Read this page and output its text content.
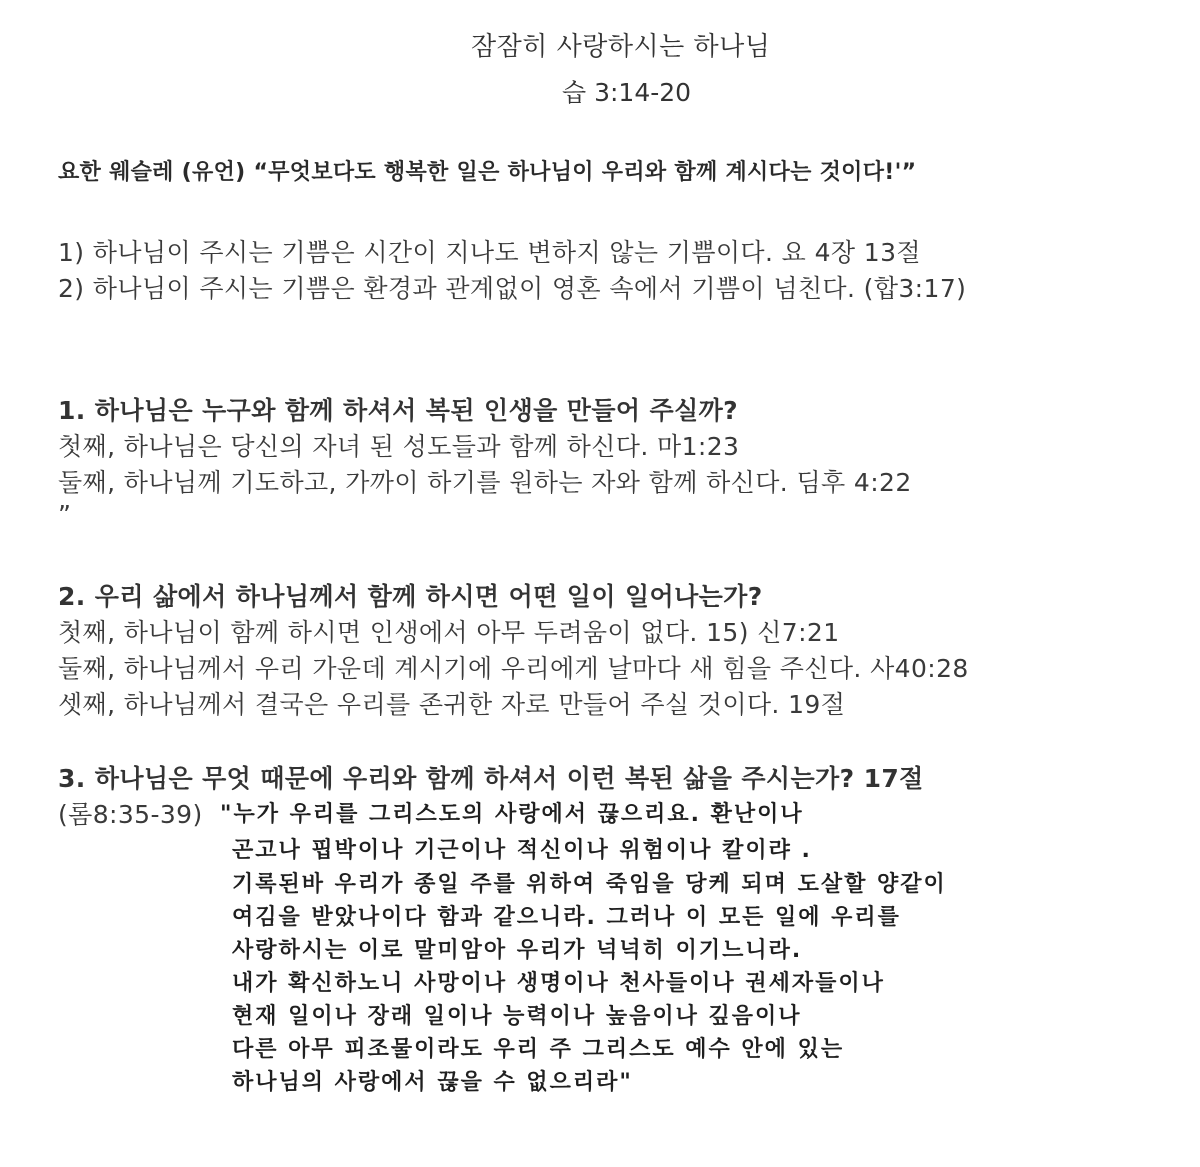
잠잠히 사랑하시는 하나님
습 3:14-20
요한 웨슬레 (유언) “무엇보다도 행복한 일은 하나님이 우리와 함께 계시다는 것이다!'”
1) 하나님이 주시는 기쁨은 시간이 지나도 변하지 않는 기쁨이다. 요 4장 13절
2) 하나님이 주시는 기쁨은 환경과 관계없이 영혼 속에서 기쁨이 넘친다. (합3:17)
1. 하나님은 누구와 함께 하셔서 복된 인생을 만들어 주실까?
첫째, 하나님은 당신의 자녀 된 성도들과 함께 하신다. 마1:23
둘째, 하나님께 기도하고, 가까이 하기를 원하는 자와 함께 하신다. 딤후 4:22
”
2. 우리 삶에서 하나님께서 함께 하시면 어떤 일이 일어나는가?
첫째, 하나님이 함께 하시면 인생에서 아무 두려움이 없다. 15) 신7:21
둘째, 하나님께서 우리 가운데 계시기에 우리에게 날마다 새 힘을 주신다. 사40:28
셋째, 하나님께서 결국은 우리를 존귀한 자로 만들어 주실 것이다. 19절
3. 하나님은 무엇 때문에 우리와 함께 하셔서 이런 복된 삶을 주시는가? 17절
(롬8:35-39) "누가 우리를 그리스도의 사랑에서 끊으리요. 환난이나
곤고나 핍박이나 기근이나 적신이나 위험이나 칼이랴 .
기록된바 우리가 종일 주를 위하여 죽임을 당케 되며 도살할 양같이
여김을 받았나이다 함과 같으니라. 그러나 이 모든 일에 우리를
사랑하시는 이로 말미암아 우리가 넉넉히 이기느니라.
내가 확신하노니 사망이나 생명이나 천사들이나 권세자들이나
현재 일이나 장래 일이나 능력이나 높음이나 깊음이나
다른 아무 피조물이라도 우리 주 그리스도 예수 안에 있는
하나님의 사랑에서 끊을 수 없으리라"
